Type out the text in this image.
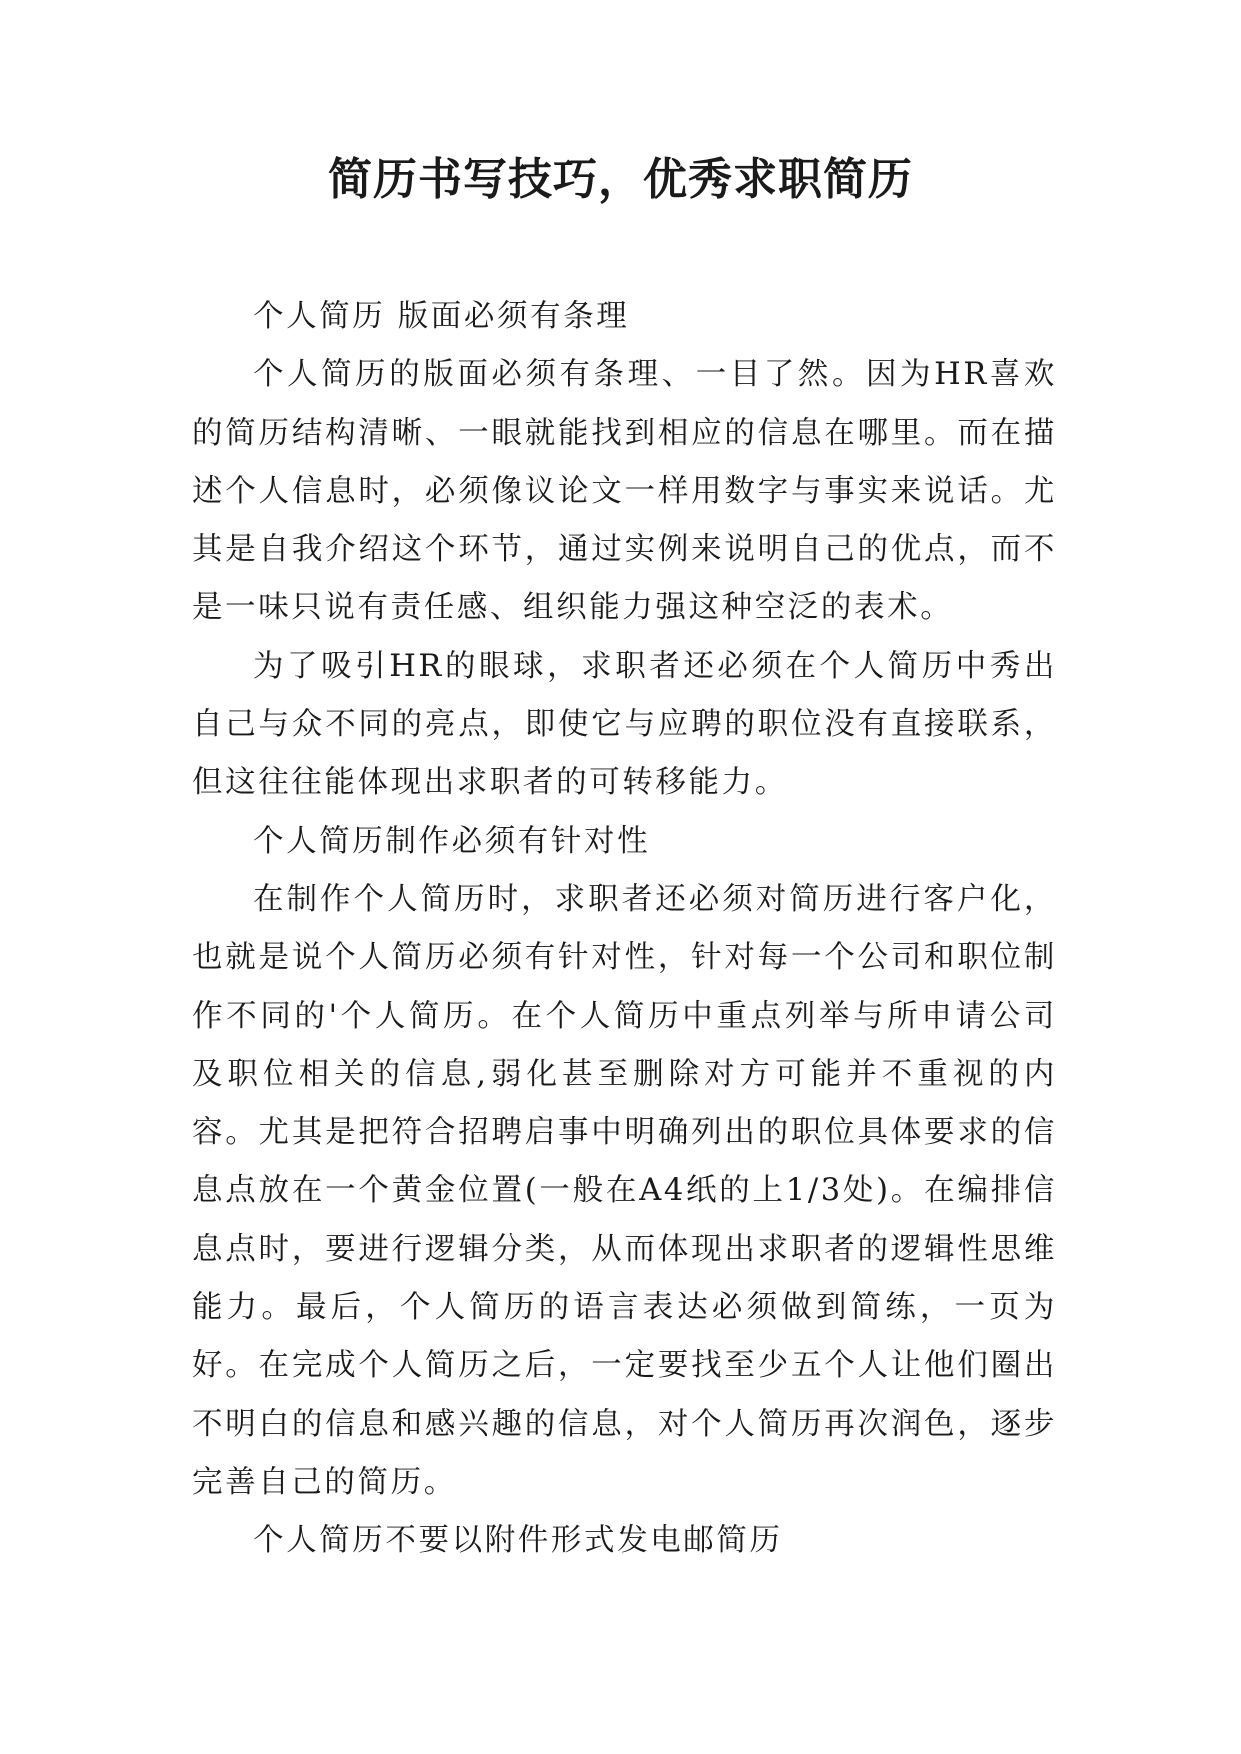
简历书写技巧，优秀求职简历

个人简历 版面必须有条理

个人简历的版面必须有条理、一目了然。因为HR喜欢的简历结构清晰、一眼就能找到相应的信息在哪里。而在描述个人信息时，必须像议论文一样用数字与事实来说话。尤其是自我介绍这个环节，通过实例来说明自己的优点，而不是一味只说有责任感、组织能力强这种空泛的表术。

为了吸引HR的眼球，求职者还必须在个人简历中秀出自己与众不同的亮点，即使它与应聘的职位没有直接联系，但这往往能体现出求职者的可转移能力。

个人简历制作必须有针对性

在制作个人简历时，求职者还必须对简历进行客户化，也就是说个人简历必须有针对性，针对每一个公司和职位制作不同的'个人简历。在个人简历中重点列举与所申请公司及职位相关的信息,弱化甚至删除对方可能并不重视的内容。尤其是把符合招聘启事中明确列出的职位具体要求的信息点放在一个黄金位置(一般在A4纸的上1/3处)。在编排信息点时，要进行逻辑分类，从而体现出求职者的逻辑性思维能力。最后，个人简历的语言表达必须做到简练，一页为好。在完成个人简历之后，一定要找至少五个人让他们圈出不明白的信息和感兴趣的信息，对个人简历再次润色，逐步完善自己的简历。

个人简历不要以附件形式发电邮简历
